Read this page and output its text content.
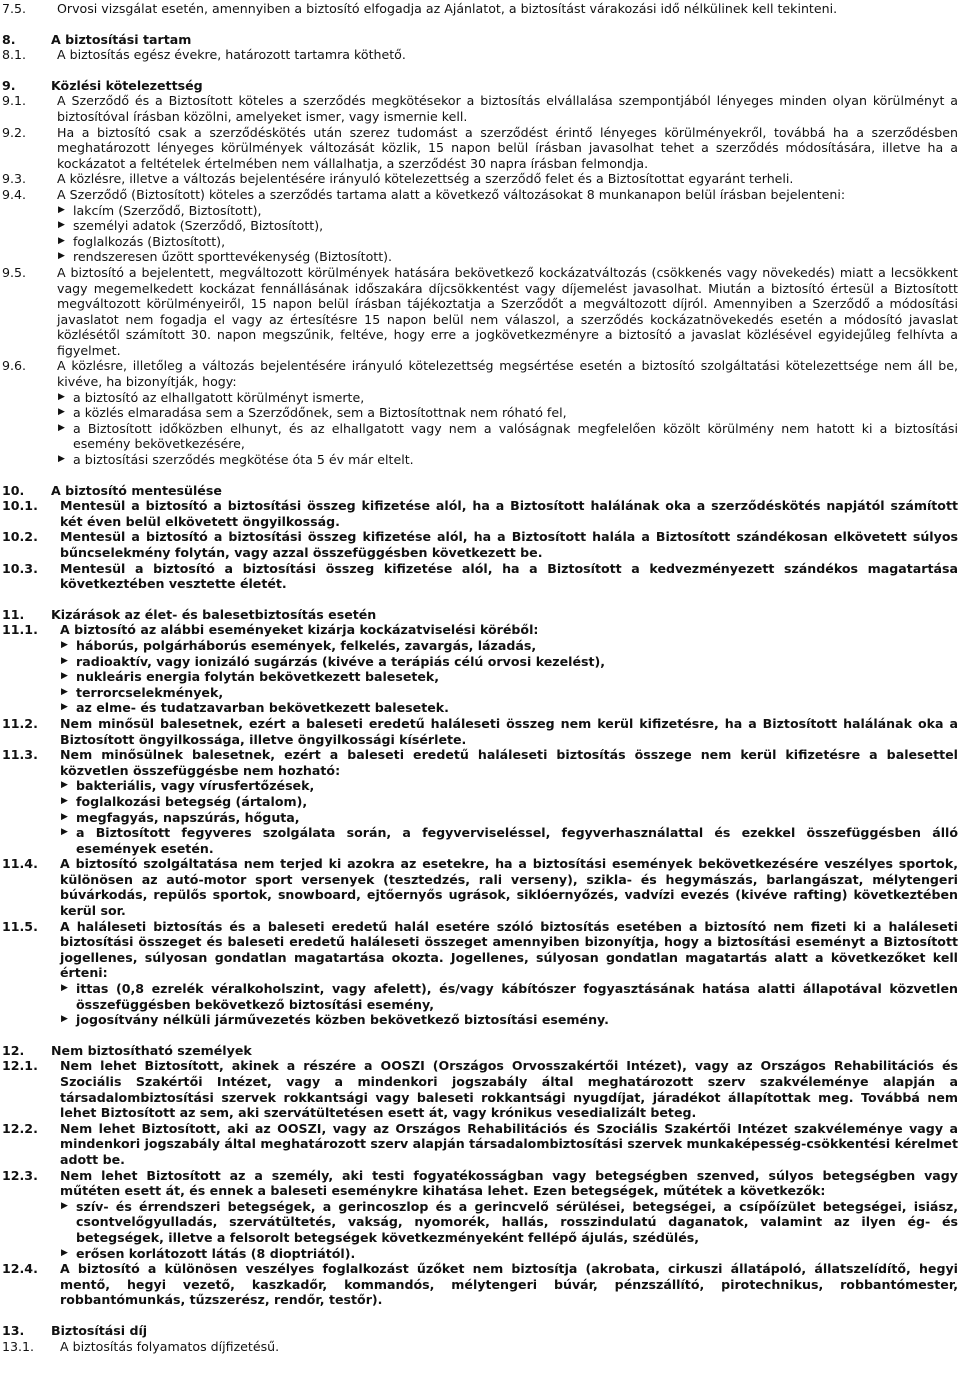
7.5.	Orvosi vizsgálat esetén, amennyiben a biztosító elfogadja az Ajánlatot, a biztosítást várakozási idő nélkülinek kell tekinteni.
8.	A biztosítási tartam
8.1.	A biztosítás egész évekre, határozott tartamra köthető.
9.	Közlési kötelezettség
9.1.	A Szerződő és a Biztosított köteles a szerződés megkötésekor a biztosítás elvállalása szempontjából lényeges minden olyan körülményt a biztosítóval írásban közölni, amelyeket ismer, vagy ismernie kell.
9.2.	Ha a biztosító csak a szerződéskötés után szerez tudomást a szerződést érintő lényeges körülményekről, továbbá ha a szerződésben meghatározott lényeges körülmények változását közlik, 15 napon belül írásban javasolhat tehet a szerződés módosítására, illetve ha a kockázatot a feltételek értelmében nem vállalhatja, a szerződést 30 napra írásban felmondja.
9.3.	A közlésre, illetve a változás bejelentésére irányuló kötelezettség a szerződő felet és a Biztosítottat egyaránt terheli.
9.4.	A Szerződő (Biztosított) köteles a szerződés tartama alatt a következő változásokat 8 munkanapon belül írásban bejelenteni:
▶ lakcím (Szerződő, Biztosított),
▶ személyi adatok (Szerződő, Biztosított),
▶ foglalkozás (Biztosított),
▶ rendszeresen űzött sporttevékenység (Biztosított).
9.5.	A biztosító a bejelentett, megváltozott körülmények hatására bekövetkező kockázatváltozás (csökkenés vagy növekedés) miatt a lecsökkent vagy megemelkedett kockázat fennállásának időszakára díjcsökkentést vagy díjemelést javasolhat. Miután a biztosító értesül a Biztosított megváltozott körülményeiről, 15 napon belül írásban tájékoztatja a Szerződőt a megváltozott díjról. Amennyiben a Szerződő a módosítási javaslatot nem fogadja el vagy az értesítésre 15 napon belül nem válaszol, a szerződés kockázatnövekedés esetén a módosító javaslat közlésétől számított 30. napon megszűnik, feltéve, hogy erre a jogkövetkezményre a biztosító a javaslat közlésével egyidejűleg felhívta a figyelmet.
9.6.	A közlésre, illetőleg a változás bejelentésére irányuló kötelezettség megsértése esetén a biztosító szolgáltatási kötelezettsége nem áll be, kivéve, ha bizonyítják, hogy:
▶ a biztosító az elhallgatott körülményt ismerte,
▶ a közlés elmaradása sem a Szerződőnek, sem a Biztosítottnak nem róható fel,
▶ a Biztosított időközben elhunyt, és az elhallgatott vagy nem a valóságnak megfelelően közölt körülmény nem hatott ki a biztosítási esemény bekövetkezésére,
▶ a biztosítási szerződés megkötése óta 5 év már eltelt.
10.	A biztosító mentesülése
10.1.	Mentesül a biztosító a biztosítási összeg kifizetése alól, ha a Biztosított halálának oka a szerződéskötés napjától számított két éven belül elkövetett öngyilkosság.
10.2.	Mentesül a biztosító a biztosítási összeg kifizetése alól, ha a Biztosított halála a Biztosított szándékosan elkövetett súlyos bűncselekmény folytán, vagy azzal összefüggésben következett be.
10.3.	Mentesül a biztosító a biztosítási összeg kifizetése alól, ha a Biztosított a kedvezményezett szándékos magatartása következtében vesztette életét.
11.	Kizárások az élet- és balesetbiztosítás esetén
11.1.	A biztosító az alábbi eseményeket kizárja kockázatviselési köréből:
▶ háborús, polgárháborús események, felkelés, zavargás, lázadás,
▶ radioaktív, vagy ionizáló sugárzás (kivéve a terápiás célú orvosi kezelést),
▶ nukleáris energia folytán bekövetkezett balesetek,
▶ terrorcselekmények,
▶ az elme- és tudatzavarban bekövetkezett balesetek.
11.2.	Nem minősül balesetnek, ezért a baleseti eredetű haláleseti összeg nem kerül kifizetésre, ha a Biztosított halálának oka a Biztosított öngyilkossága, illetve öngyilkossági kísérlete.
11.3.	Nem minősülnek balesetnek, ezért a baleseti eredetű haláleseti biztosítás összege nem kerül kifizetésre a balesettel közvetlen összefüggésbe nem hozható:
▶ bakteriális, vagy vírusfertőzések,
▶ foglalkozási betegség (ártalom),
▶ megfagyás, napszúrás, hőguta,
▶ a Biztosított fegyveres szolgálata során, a fegyverviseléssel, fegyverhasználattal és ezekkel összefüggésben álló események esetén.
11.4.	A biztosító szolgáltatása nem terjed ki azokra az esetekre, ha a biztosítási események bekövetkezésére veszélyes sportok, különösen az autó-motor sport versenyek (tesztedzés, rali verseny), szikla- és hegymászás, barlangászat, mélytengeri búvárkodás, repülős sportok, snowboard, ejtőernyős ugrások, siklóernyőzés, vadvízi evezés (kivéve rafting) következtében kerül sor.
11.5.	A haláleseti biztosítás és a baleseti eredetű halál esetére szóló biztosítás esetében a biztosító nem fizeti ki a haláleseti biztosítási összeget és baleseti eredetű haláleseti összeget amennyiben bizonyítja, hogy a biztosítási eseményt a Biztosított jogellenes, súlyosan gondatlan magatartása okozta. Jogellenes, súlyosan gondatlan magatartás alatt a következőket kell érteni:
▶ ittas (0,8 ezrelék véralkoholszint, vagy afelett), és/vagy kábítószer fogyasztásának hatása alatti állapotával közvetlen összefüggésben bekövetkező biztosítási esemény,
▶ jogosítvány nélküli járművezetés közben bekövetkező biztosítási esemény.
12.	Nem biztosítható személyek
12.1.	Nem lehet Biztosított, akinek a részére a OOSZI (Országos Orvosszakértői Intézet), vagy az Országos Rehabilitációs és Szociális Szakértői Intézet, vagy a mindenkori jogszabály által meghatározott szerv szakvéleménye alapján a társadalombiztosítási szervek rokkantsági vagy baleseti rokkantsági nyugdíjat, járadékot állapítottak meg. Továbbá nem lehet Biztosított az sem, aki szervátültetésen esett át, vagy krónikus vesedializált beteg.
12.2.	Nem lehet Biztosított, aki az OOSZI, vagy az Országos Rehabilitációs és Szociális Szakértői Intézet szakvéleménye vagy a mindenkori jogszabály által meghatározott szerv alapján társadalombiztosítási szervek munkaképesség-csökkentési kérelmet adott be.
12.3.	Nem lehet Biztosított az a személy, aki testi fogyatékosságban vagy betegségben szenved, súlyos betegségben vagy műtéten esett át, és ennek a baleseti eseménykre kihatása lehet. Ezen betegségek, műtétek a következők:
▶ szív- és érrendszeri betegségek, a gerincoszlop és a gerincvelő sérülései, betegségei, a csípőízület betegségei, isiász, csontvelőgyulladás, szervátültetés, vakság, nyomorék, hallás, rosszindulatú daganatok, valamint az ilyen ég- és betegségek, illetve a felsorolt betegségek következményeként fellépő ájulás, szédülés,
▶ erősen korlátozott látás (8 dioptriától).
12.4.	A biztosító a különösen veszélyes foglalkozást űzőket nem biztosítja (akrobata, cirkuszi állatápoló, állatszelídítő, hegyi mentő, hegyi vezető, kaszkadőr, kommandós, mélytengeri búvár, pénzszállító, pirotechnikus, robbantómester, robbantómunkás, tűzszerész, rendőr, testőr).
13.	Biztosítási díj
13.1.	A biztosítás folyamatos díjfizetésű.
